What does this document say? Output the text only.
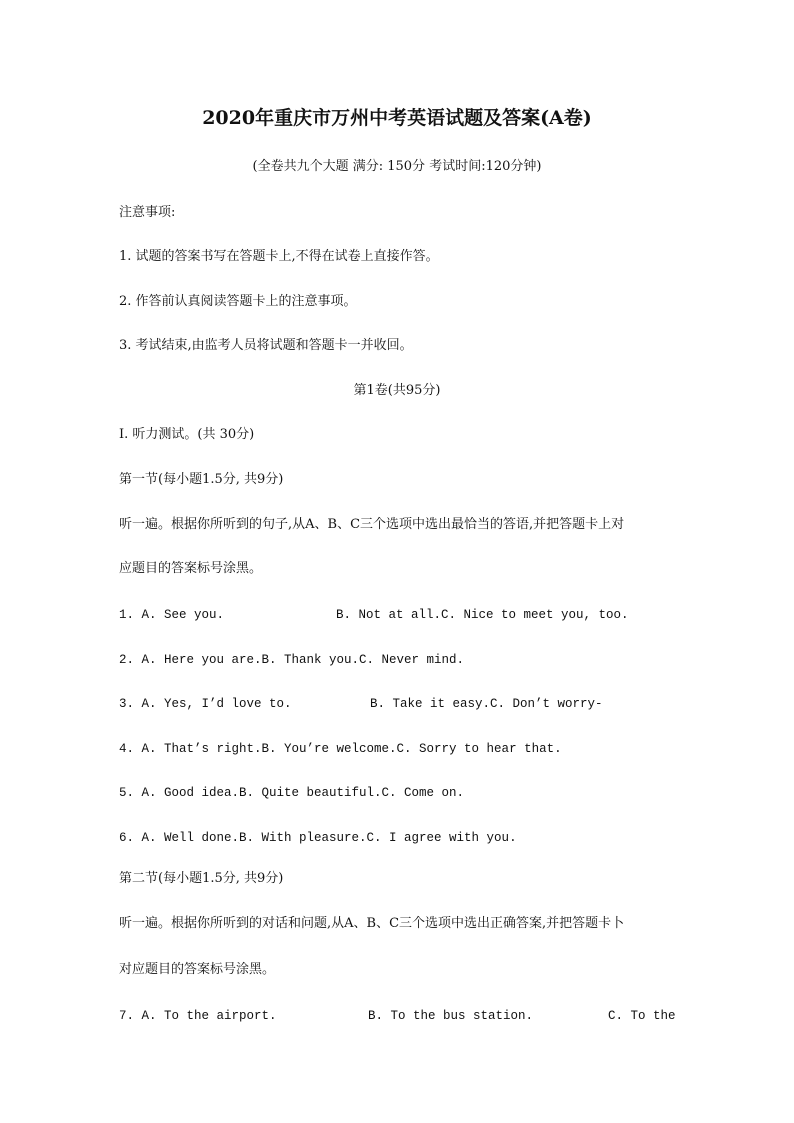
2020年重庆市万州中考英语试题及答案(A卷)
(全卷共九个大题 满分: 150分 考试时间:120分钟)
注意事项:
1. 试题的答案书写在答题卡上,不得在试卷上直接作答。
2. 作答前认真阅读答题卡上的注意事项。
3. 考试结束,由监考人员将试题和答题卡一并收回。
第1卷(共95分)
I. 听力测试。(共 30分)
第一节(每小题1.5分, 共9分)
听一遍。根据你所听到的句子,从A、B、C三个选项中选出最恰当的答语,并把答题卡上对
应题目的答案标号涂黑。
1. A. See you.	B. Not at all.C. Nice to meet you, too.
2. A. Here you are.B. Thank you.C. Never mind.
3. A. Yes, I’d love to.	B. Take it easy.C. Don’t worry-
4. A. That’s right.B. You’re welcome.C. Sorry to hear that.
5. A. Good idea.B. Quite beautiful.C. Come on.
6. A. Well done.B. With pleasure.C. I agree with you.
第二节(每小题1.5分, 共9分)
听一遍。根据你所听到的对话和问题,从A、B、C三个选项中选出正确答案,并把答题卡卜
对应题目的答案标号涂黑。
7. A. To the airport.	B. To the bus station.	C. To the
